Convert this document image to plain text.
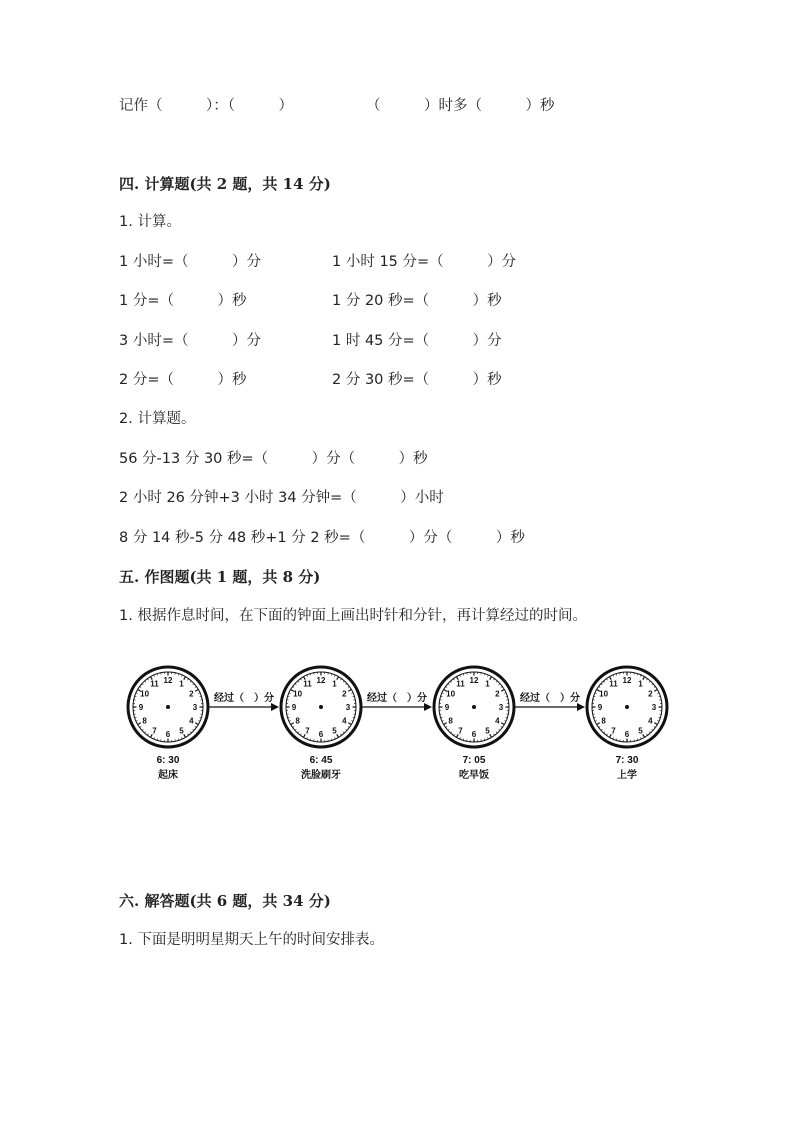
记作（　　　）：（　　　）	（　　　）时多（　　　）秒
四. 计算题(共 2 题，共 14 分)
1. 计算。
1 小时=（　　　）分	1 小时 15 分=（　　　）分
1 分=（　　　）秒	1 分 20 秒=（　　　）秒
3 小时=（　　　）分	1 时 45 分=（　　　）分
2 分=（　　　）秒	2 分 30 秒=（　　　）秒
2. 计算题。
56 分-13 分 30 秒=（　　　）分（　　　）秒
2 小时 26 分钟+3 小时 34 分钟=（　　　）小时
8 分 14 秒-5 分 48 秒+1 分 2 秒=（　　　）分（　　　）秒
五. 作图题(共 1 题，共 8 分)
1. 根据作息时间，在下面的钟面上画出时针和分针，再计算经过的时间。
12 1
2
3
4
5
6
7
8
9
10
11
6: 30
起床
12 1
2
3
4
5
6
7
8
9
10
11
6: 45
洗脸刷牙
12 1
2
3
4
5
6
7
8
9
10
11
7: 05
吃早饭
12 1
2
3
4
5
6
7
8
9
10
11
7: 30
上学
经过（　）分	经过（　）分	经过（　）分
六. 解答题(共 6 题，共 34 分)
1. 下面是明明星期天上午的时间安排表。
